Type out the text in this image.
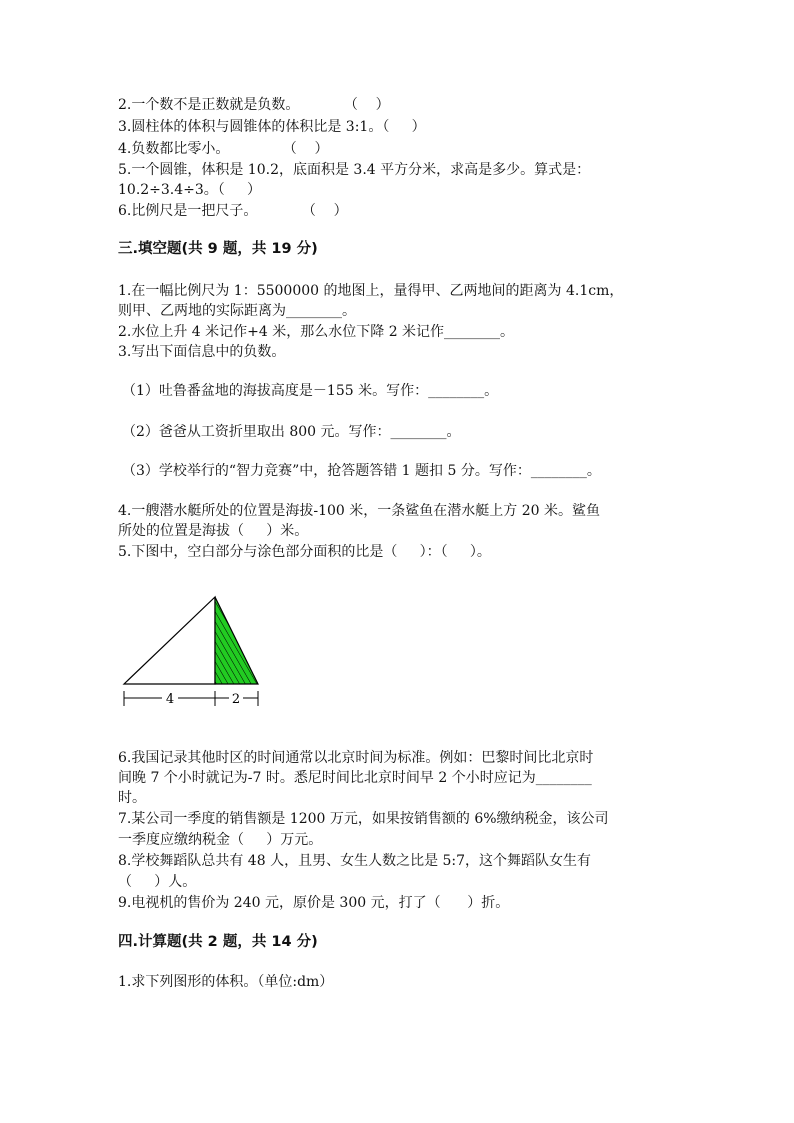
2.一个数不是正数就是负数。          （    ）
3.圆柱体的体积与圆锥体的体积比是 3:1。（     ）
4.负数都比零小。            （    ）
5.一个圆锥，体积是 10.2，底面积是 3.4 平方分米，求高是多少。算式是：
10.2÷3.4÷3。（     ）
6.比例尺是一把尺子。          （    ）
三.填空题(共 9 题，共 19 分)
1.在一幅比例尺为 1：5500000 的地图上，量得甲、乙两地间的距离为 4.1cm，
则甲、乙两地的实际距离为________。
2.水位上升 4 米记作+4 米，那么水位下降 2 米记作________。
3.写出下面信息中的负数。
（1）吐鲁番盆地的海拔高度是－155 米。写作：________。
（2）爸爸从工资折里取出 800 元。写作：________。
（3）学校举行的“智力竞赛”中，抢答题答错 1 题扣 5 分。写作：________。
4.一艘潜水艇所处的位置是海拔-100 米，一条鲨鱼在潜水艇上方 20 米。鲨鱼
所处的位置是海拔（     ）米。
5.下图中，空白部分与涂色部分面积的比是（     ）：（     ）。
4	2
6.我国记录其他时区的时间通常以北京时间为标准。例如：巴黎时间比北京时
间晚 7 个小时就记为-7 时。悉尼时间比北京时间早 2 个小时应记为________
时。
7.某公司一季度的销售额是 1200 万元，如果按销售额的 6%缴纳税金，该公司
一季度应缴纳税金（     ）万元。
8.学校舞蹈队总共有 48 人，且男、女生人数之比是 5:7，这个舞蹈队女生有
（     ）人。
9.电视机的售价为 240 元，原价是 300 元，打了（      ）折。
四.计算题(共 2 题，共 14 分)
1.求下列图形的体积。（单位:dm）
